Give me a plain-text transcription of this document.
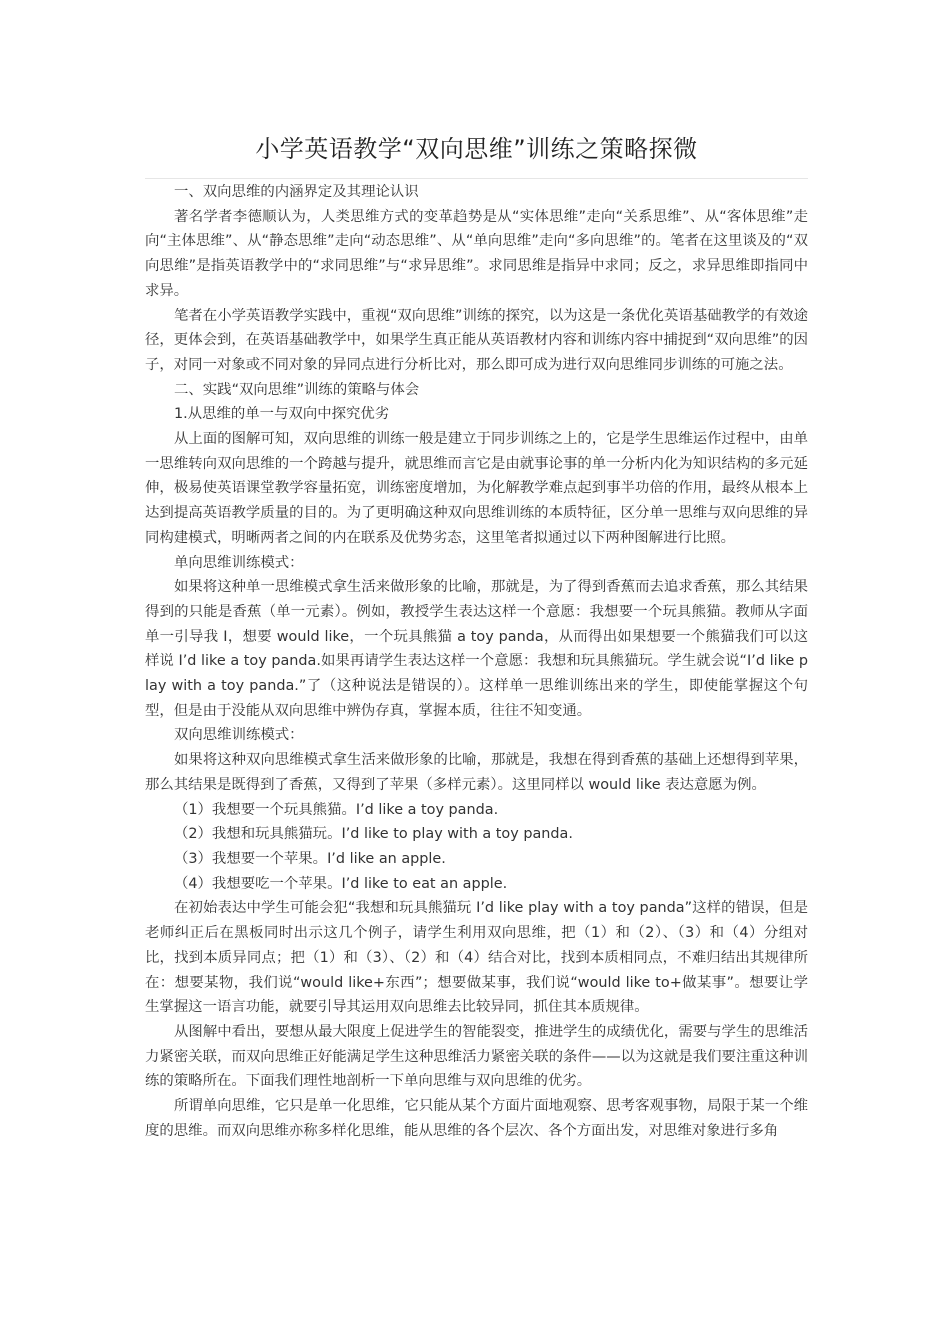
小学英语教学“双向思维”训练之策略探微

一、双向思维的内涵界定及其理论认识

著名学者李德顺认为，人类思维方式的变革趋势是从“实体思维”走向“关系思维”、从“客体思维”走向“主体思维”、从“静态思维”走向“动态思维”、从“单向思维”走向“多向思维”的。笔者在这里谈及的“双向思维”是指英语教学中的“求同思维”与“求异思维”。求同思维是指异中求同；反之，求异思维即指同中求异。

笔者在小学英语教学实践中，重视“双向思维”训练的探究，以为这是一条优化英语基础教学的有效途径，更体会到，在英语基础教学中，如果学生真正能从英语教材内容和训练内容中捕捉到“双向思维”的因子，对同一对象或不同对象的异同点进行分析比对，那么即可成为进行双向思维同步训练的可施之法。

二、实践“双向思维”训练的策略与体会

1.从思维的单一与双向中探究优劣

从上面的图解可知，双向思维的训练一般是建立于同步训练之上的，它是学生思维运作过程中，由单一思维转向双向思维的一个跨越与提升，就思维而言它是由就事论事的单一分析内化为知识结构的多元延伸，极易使英语课堂教学容量拓宽，训练密度增加，为化解教学难点起到事半功倍的作用，最终从根本上达到提高英语教学质量的目的。为了更明确这种双向思维训练的本质特征，区分单一思维与双向思维的异同构建模式，明晰两者之间的内在联系及优势劣态，这里笔者拟通过以下两种图解进行比照。

单向思维训练模式：

如果将这种单一思维模式拿生活来做形象的比喻，那就是，为了得到香蕉而去追求香蕉，那么其结果得到的只能是香蕉（单一元素）。例如，教授学生表达这样一个意愿：我想要一个玩具熊猫。教师从字面单一引导我 I，想要 would like，一个玩具熊猫 a toy panda，从而得出如果想要一个熊猫我们可以这样说 I’d like a toy panda.如果再请学生表达这样一个意愿：我想和玩具熊猫玩。学生就会说“I’d like play with a toy panda.”了（这种说法是错误的）。这样单一思维训练出来的学生，即使能掌握这个句型，但是由于没能从双向思维中辨伪存真，掌握本质，往往不知变通。

双向思维训练模式：

如果将这种双向思维模式拿生活来做形象的比喻，那就是，我想在得到香蕉的基础上还想得到苹果，那么其结果是既得到了香蕉，又得到了苹果（多样元素）。这里同样以 would like 表达意愿为例。

（1）我想要一个玩具熊猫。I’d like a toy panda.

（2）我想和玩具熊猫玩。I’d like to play with a toy panda.

（3）我想要一个苹果。I’d like an apple.

（4）我想要吃一个苹果。I’d like to eat an apple.

在初始表达中学生可能会犯“我想和玩具熊猫玩 I’d like play with a toy panda”这样的错误，但是老师纠正后在黑板同时出示这几个例子，请学生利用双向思维，把（1）和（2）、（3）和（4）分组对比，找到本质异同点；把（1）和（3）、（2）和（4）结合对比，找到本质相同点，不难归结出其规律所在：想要某物，我们说“would like+东西”；想要做某事，我们说“would like to+做某事”。想要让学生掌握这一语言功能，就要引导其运用双向思维去比较异同，抓住其本质规律。

从图解中看出，要想从最大限度上促进学生的智能裂变，推进学生的成绩优化，需要与学生的思维活力紧密关联，而双向思维正好能满足学生这种思维活力紧密关联的条件——以为这就是我们要注重这种训练的策略所在。下面我们理性地剖析一下单向思维与双向思维的优劣。

所谓单向思维，它只是单一化思维，它只能从某个方面片面地观察、思考客观事物，局限于某一个维度的思维。而双向思维亦称多样化思维，能从思维的各个层次、各个方面出发，对思维对象进行多角
